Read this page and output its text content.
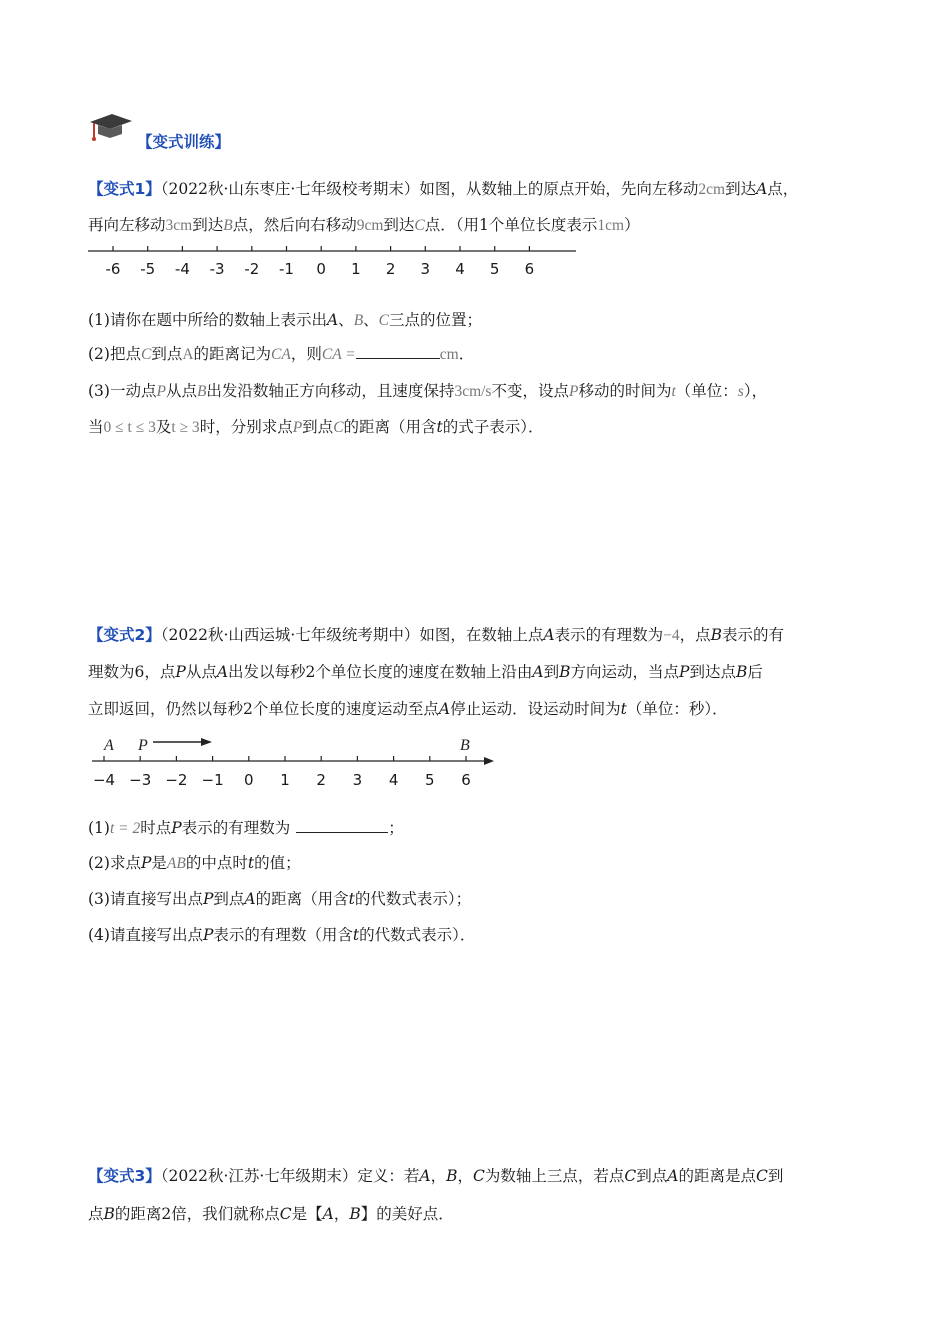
【变式训练】
【变式1】（2022秋·山东枣庄·七年级校考期末）如图，从数轴上的原点开始，先向左移动2cm到达A点，
再向左移动3cm到达B点，然后向右移动9cm到达C点．（用1个单位长度表示1cm）
-6 -5 -4 -3 -2 -1 0 1 2 3 4 5 6
(1)请你在题中所给的数轴上表示出A、B、C三点的位置；
(2)把点C到点A的距离记为CA，则CA =	cm．
(3)一动点P从点B出发沿数轴正方向移动，且速度保持3cm/s不变，设点P移动的时间为t（单位：s），
当0 ≤ t ≤ 3及t ≥ 3时，分别求点P到点C的距离（用含t的式子表示）．
【变式2】（2022秋·山西运城·七年级统考期中）如图，在数轴上点A表示的有理数为−4，点B表示的有
理数为6，点P从点A出发以每秒2个单位长度的速度在数轴上沿由A到B方向运动，当点P到达点B后
立即返回，仍然以每秒2个单位长度的速度运动至点A停止运动．设运动时间为t（单位：秒）．
A P	B
−4 −3 −2 −1 0 1 2 3 4 5 6
(1)t = 2时点P表示的有理数为	；
(2)求点P是AB的中点时t的值；
(3)请直接写出点P到点A的距离（用含t的代数式表示）；
(4)请直接写出点P表示的有理数（用含t的代数式表示）．
【变式3】（2022秋·江苏·七年级期末）定义：若A，B，C为数轴上三点，若点C到点A的距离是点C到
点B的距离2倍，我们就称点C是【A，B】的美好点．
